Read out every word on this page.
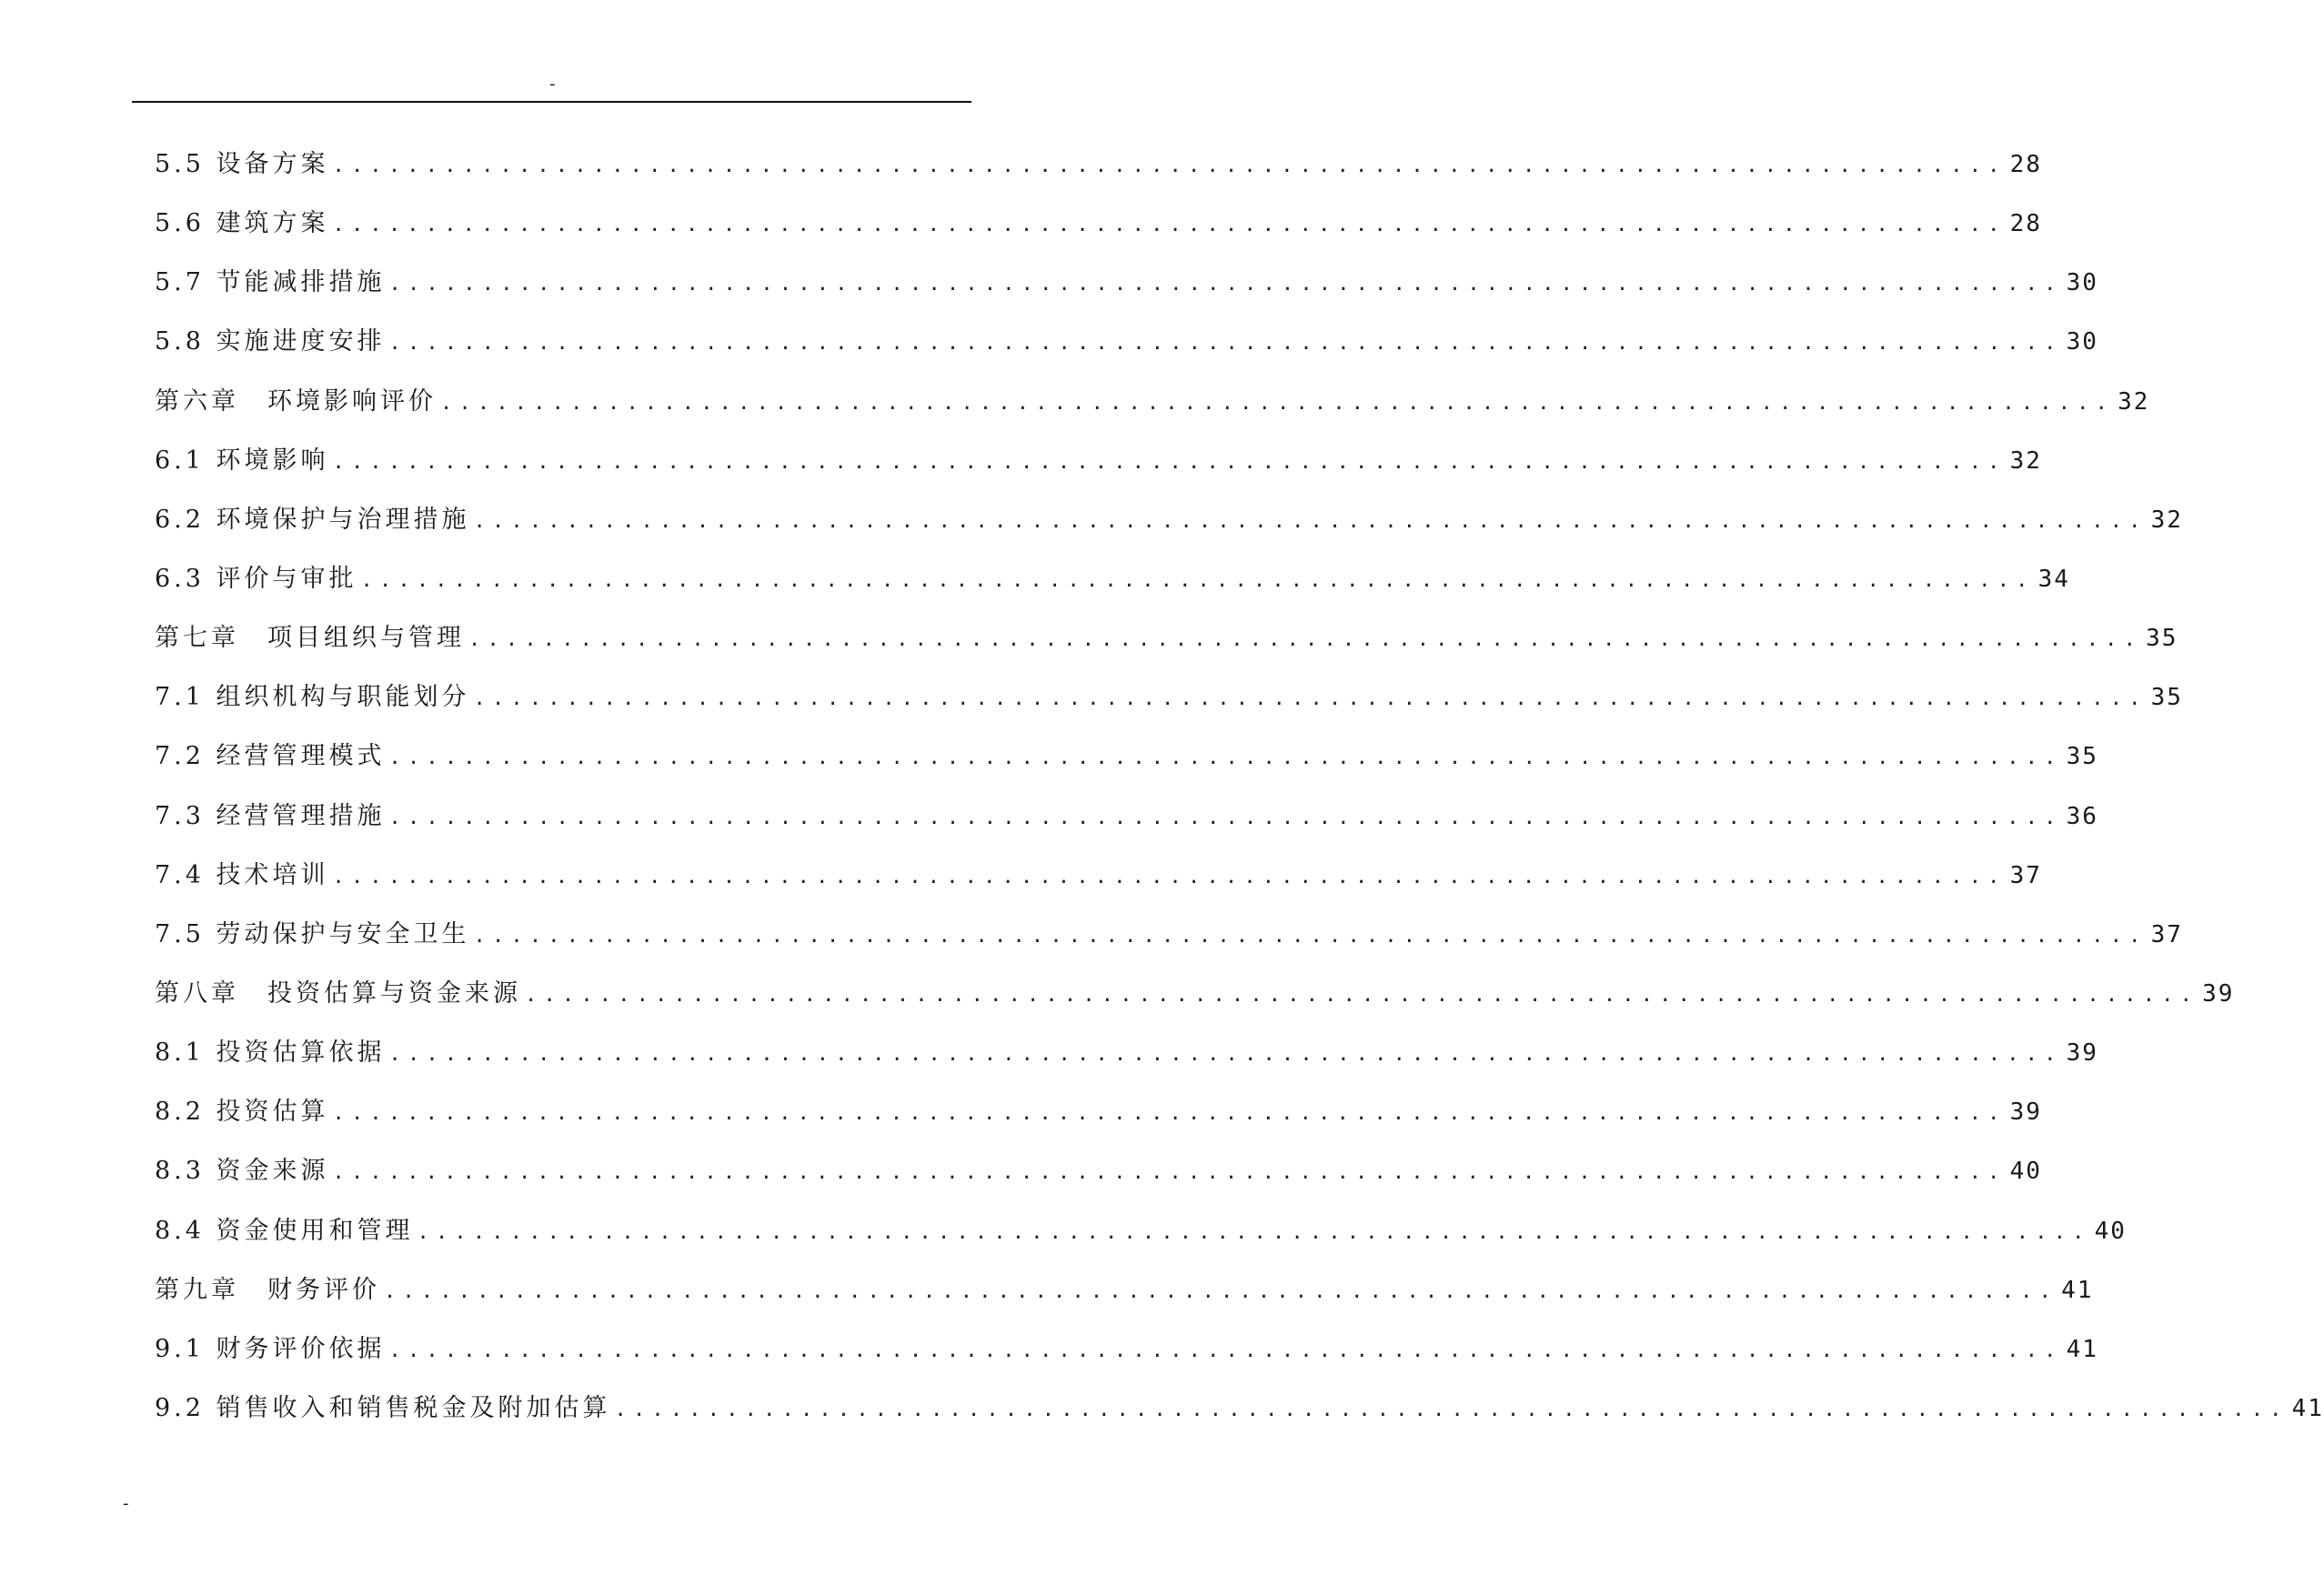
-
5.5 设备方案 .......................................................................................... 28
5.6 建筑方案 .......................................................................................... 28
5.7 节能减排措施 .......................................................................................... 30
5.8 实施进度安排 .......................................................................................... 30
第六章　环境影响评价 .......................................................................................... 32
6.1 环境影响 .......................................................................................... 32
6.2 环境保护与治理措施 .......................................................................................... 32
6.3 评价与审批 .......................................................................................... 34
第七章　项目组织与管理 .......................................................................................... 35
7.1 组织机构与职能划分 .......................................................................................... 35
7.2 经营管理模式 .......................................................................................... 35
7.3 经营管理措施 .......................................................................................... 36
7.4 技术培训 .......................................................................................... 37
7.5 劳动保护与安全卫生 .......................................................................................... 37
第八章　投资估算与资金来源 .......................................................................................... 39
8.1 投资估算依据 .......................................................................................... 39
8.2 投资估算 .......................................................................................... 39
8.3 资金来源 .......................................................................................... 40
8.4 资金使用和管理 .......................................................................................... 40
第九章　财务评价 .......................................................................................... 41
9.1 财务评价依据 .......................................................................................... 41
9.2 销售收入和销售税金及附加估算 .......................................................................................... 41
-
